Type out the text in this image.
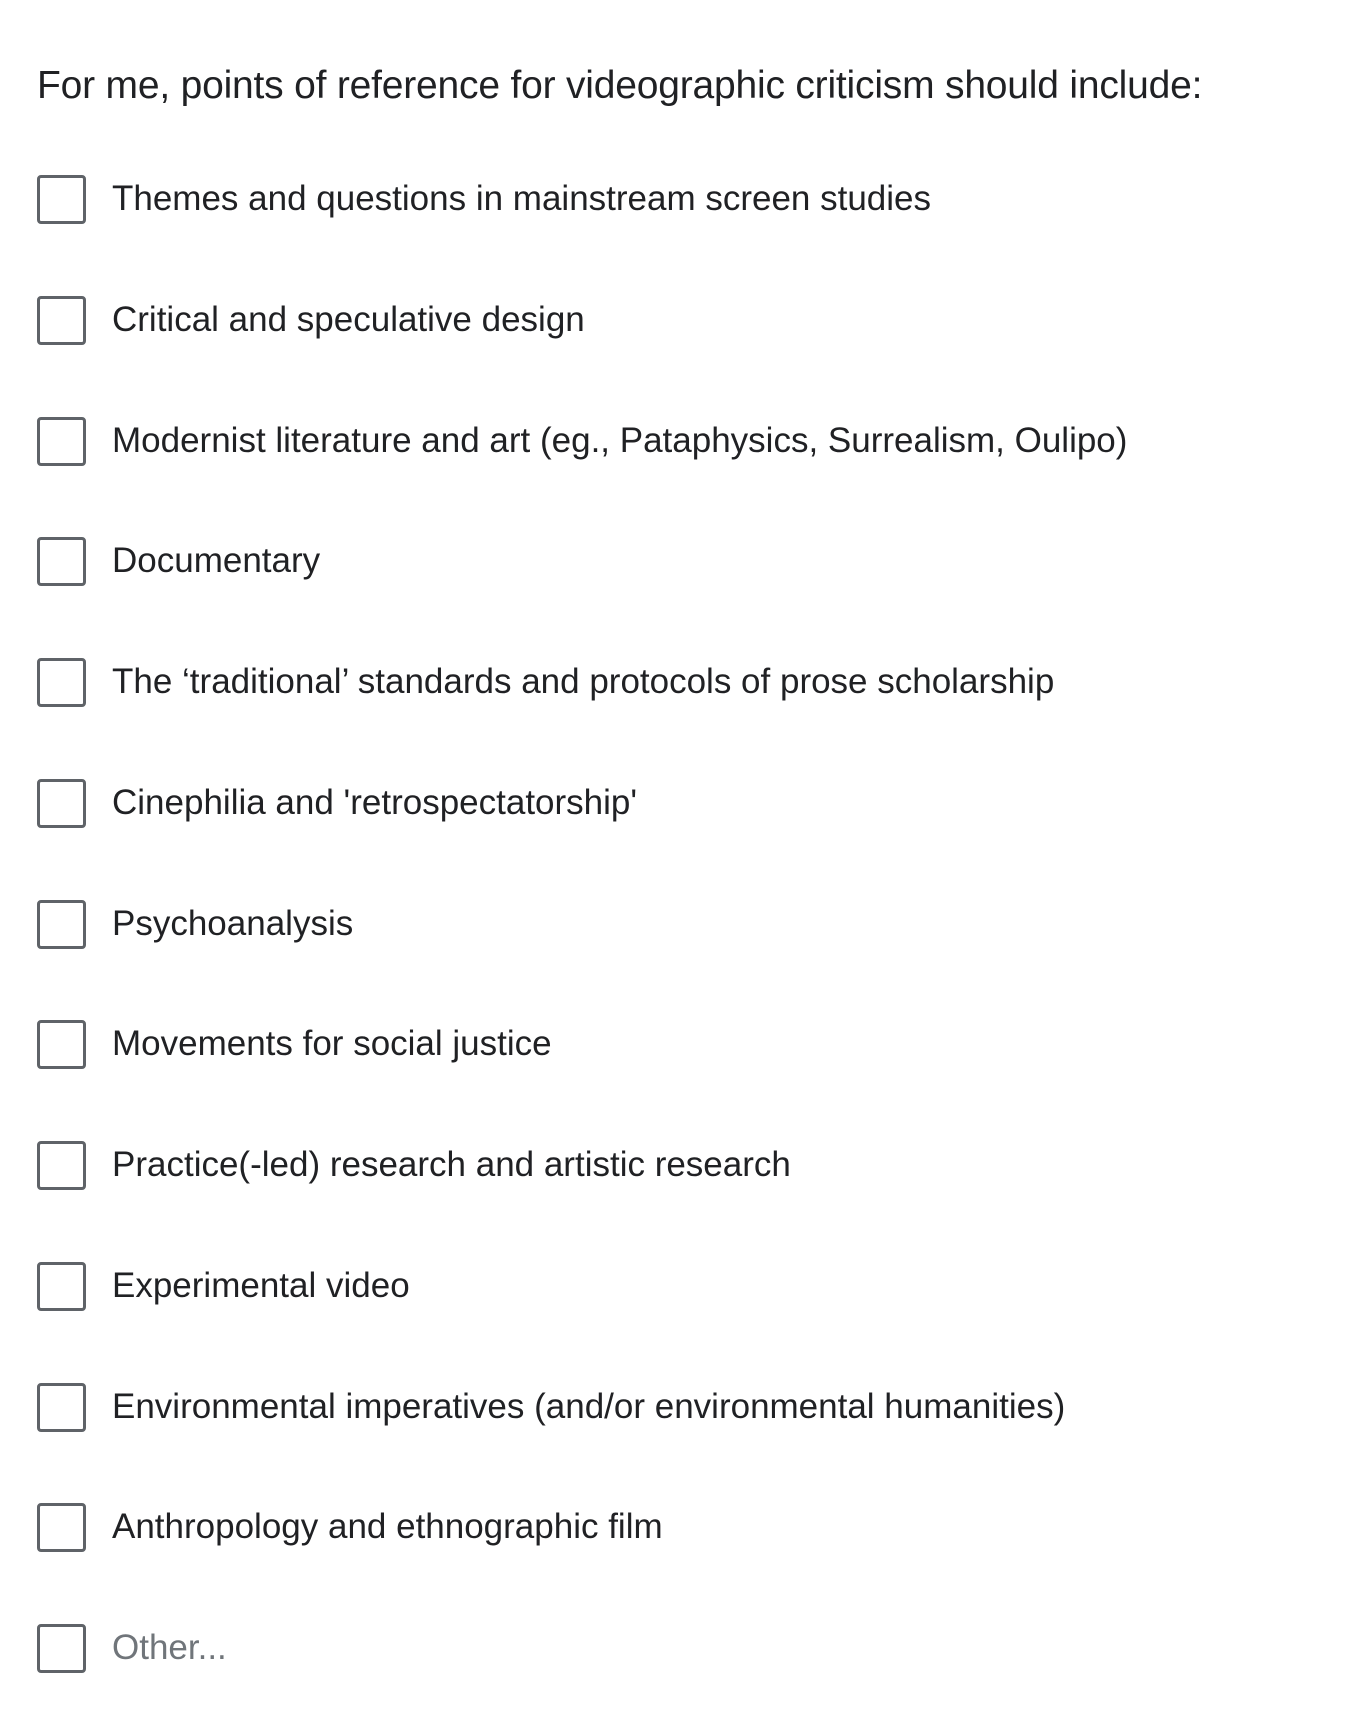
For me, points of reference for videographic criticism should include:
Themes and questions in mainstream screen studies
Critical and speculative design
Modernist literature and art (eg., Pataphysics, Surrealism, Oulipo)
Documentary
The ‘traditional’ standards and protocols of prose scholarship
Cinephilia and 'retrospectatorship'
Psychoanalysis
Movements for social justice
Practice(-led) research and artistic research
Experimental video
Environmental imperatives (and/or environmental humanities)
Anthropology and ethnographic film
Other...
